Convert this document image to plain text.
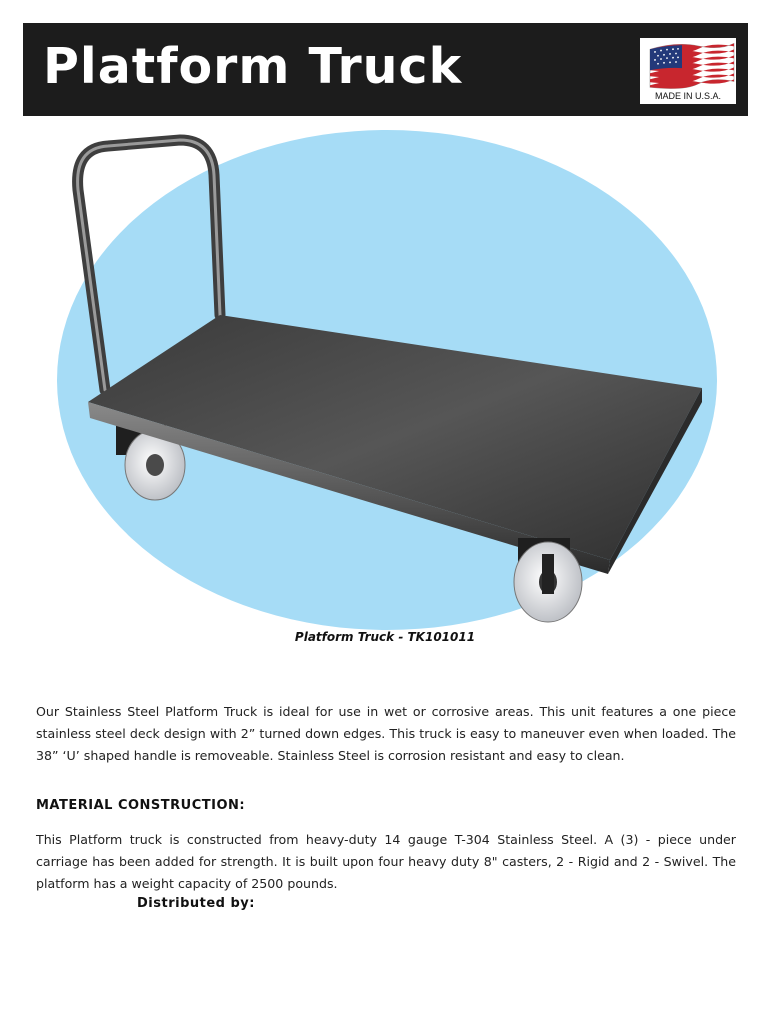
Platform Truck
MADE IN U.S.A.
Platform Truck - TK101011

Our Stainless Steel Platform Truck is ideal for use in wet or corrosive areas. This unit features a one piece stainless steel deck design with 2” turned down edges. This truck is easy to maneuver even when loaded. The 38” ‘U’ shaped handle is removeable. Stainless Steel is corrosion resistant and easy to clean.

MATERIAL CONSTRUCTION:

This Platform truck is constructed from heavy-duty 14 gauge T-304 Stainless Steel. A (3) - piece under carriage has been added for strength. It is built upon four heavy duty 8" casters, 2 - Rigid and 2 - Swivel. The platform has a weight capacity of 2500 pounds.

Distributed by:
